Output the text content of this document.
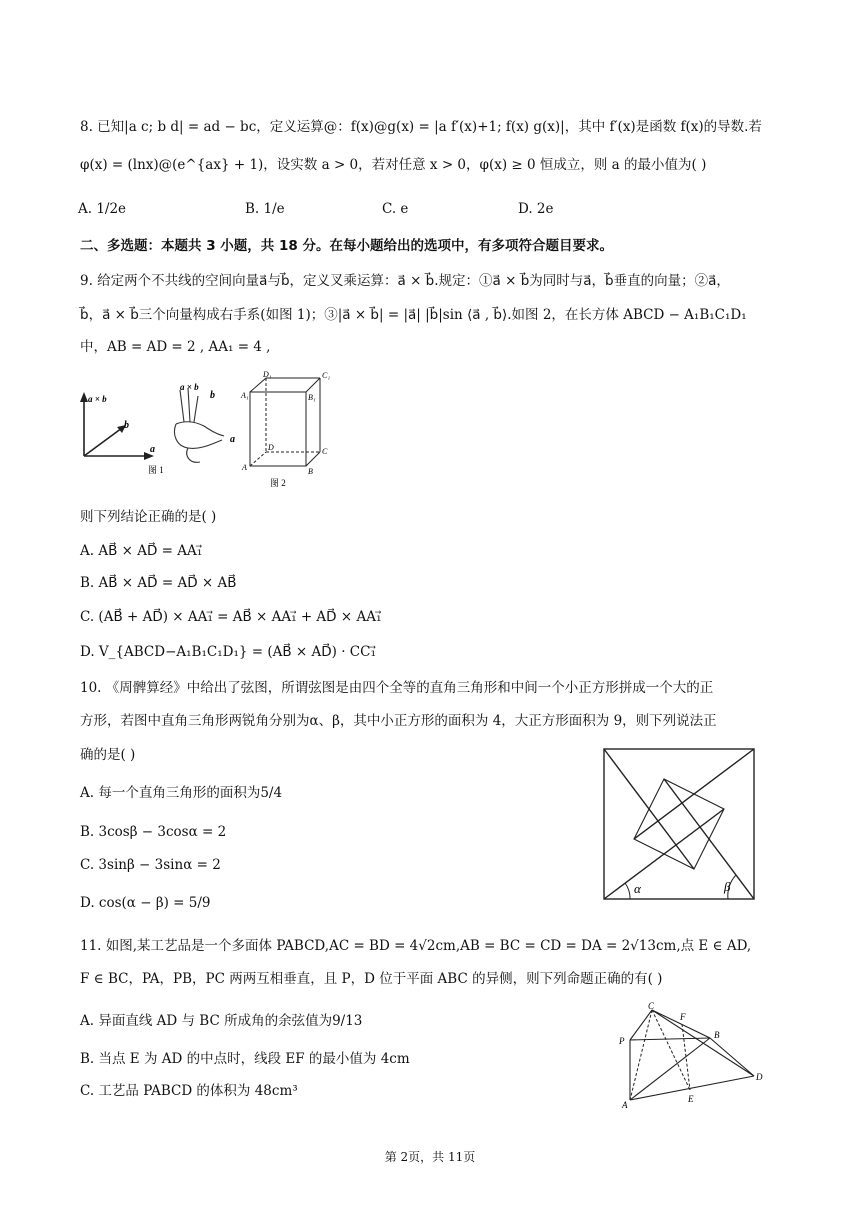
8. 已知|a c; b d| = ad − bc，定义运算@：f(x)@g(x) = |a f′(x)+1; f(x) g(x)|，其中 f′(x)是函数 f(x)的导数.若
φ(x) = (lnx)@(e^{ax} + 1)，设实数 a > 0，若对任意 x > 0，φ(x) ≥ 0 恒成立，则 a 的最小值为( )
A. 1/2e	B. 1/e	C. e	D. 2e
二、多选题：本题共 3 小题，共 18 分。在每小题给出的选项中，有多项符合题目要求。
9. 给定两个不共线的空间向量a⃗与b⃗，定义叉乘运算：a⃗ × b⃗.规定：①a⃗ × b⃗为同时与a⃗，b⃗垂直的向量；②a⃗，
b⃗，a⃗ × b⃗三个向量构成右手系(如图 1)；③|a⃗ × b⃗| = |a⃗| |b⃗|sin ⟨a⃗ , b⃗⟩.如图 2，在长方体 ABCD − A₁B₁C₁D₁
中，AB = AD = 2 , AA₁ = 4 ,
a × b
b
a
a × b
b
a
图 1
D₁	C₁
A₁	B₁
D	C
A	B
图 2
则下列结论正确的是( )
A. AB⃗ × AD⃗ = AA₁⃗
B. AB⃗ × AD⃗ = AD⃗ × AB⃗
C. (AB⃗ + AD⃗) × AA₁⃗ = AB⃗ × AA₁⃗ + AD⃗ × AA₁⃗
D. V_{ABCD−A₁B₁C₁D₁} = (AB⃗ × AD⃗) · CC₁⃗
10. 《周髀算经》中给出了弦图，所谓弦图是由四个全等的直角三角形和中间一个小正方形拼成一个大的正
方形，若图中直角三角形两锐角分别为α、β，其中小正方形的面积为 4，大正方形面积为 9，则下列说法正
确的是( )
α	β
A. 每一个直角三角形的面积为5/4
B. 3cosβ − 3cosα = 2
C. 3sinβ − 3sinα = 2
D. cos(α − β) = 5/9
11. 如图,某工艺品是一个多面体 PABCD,AC = BD = 4√2cm,AB = BC = CD = DA = 2√13cm,点 E ∈ AD,
F ∈ BC，PA，PB，PC 两两互相垂直，且 P，D 位于平面 ABC 的异侧，则下列命题正确的有( )
P
C
F
B
D
E
A
A. 异面直线 AD 与 BC 所成角的余弦值为9/13
B. 当点 E 为 AD 的中点时，线段 EF 的最小值为 4cm
C. 工艺品 PABCD 的体积为 48cm³
第 2页，共 11页
